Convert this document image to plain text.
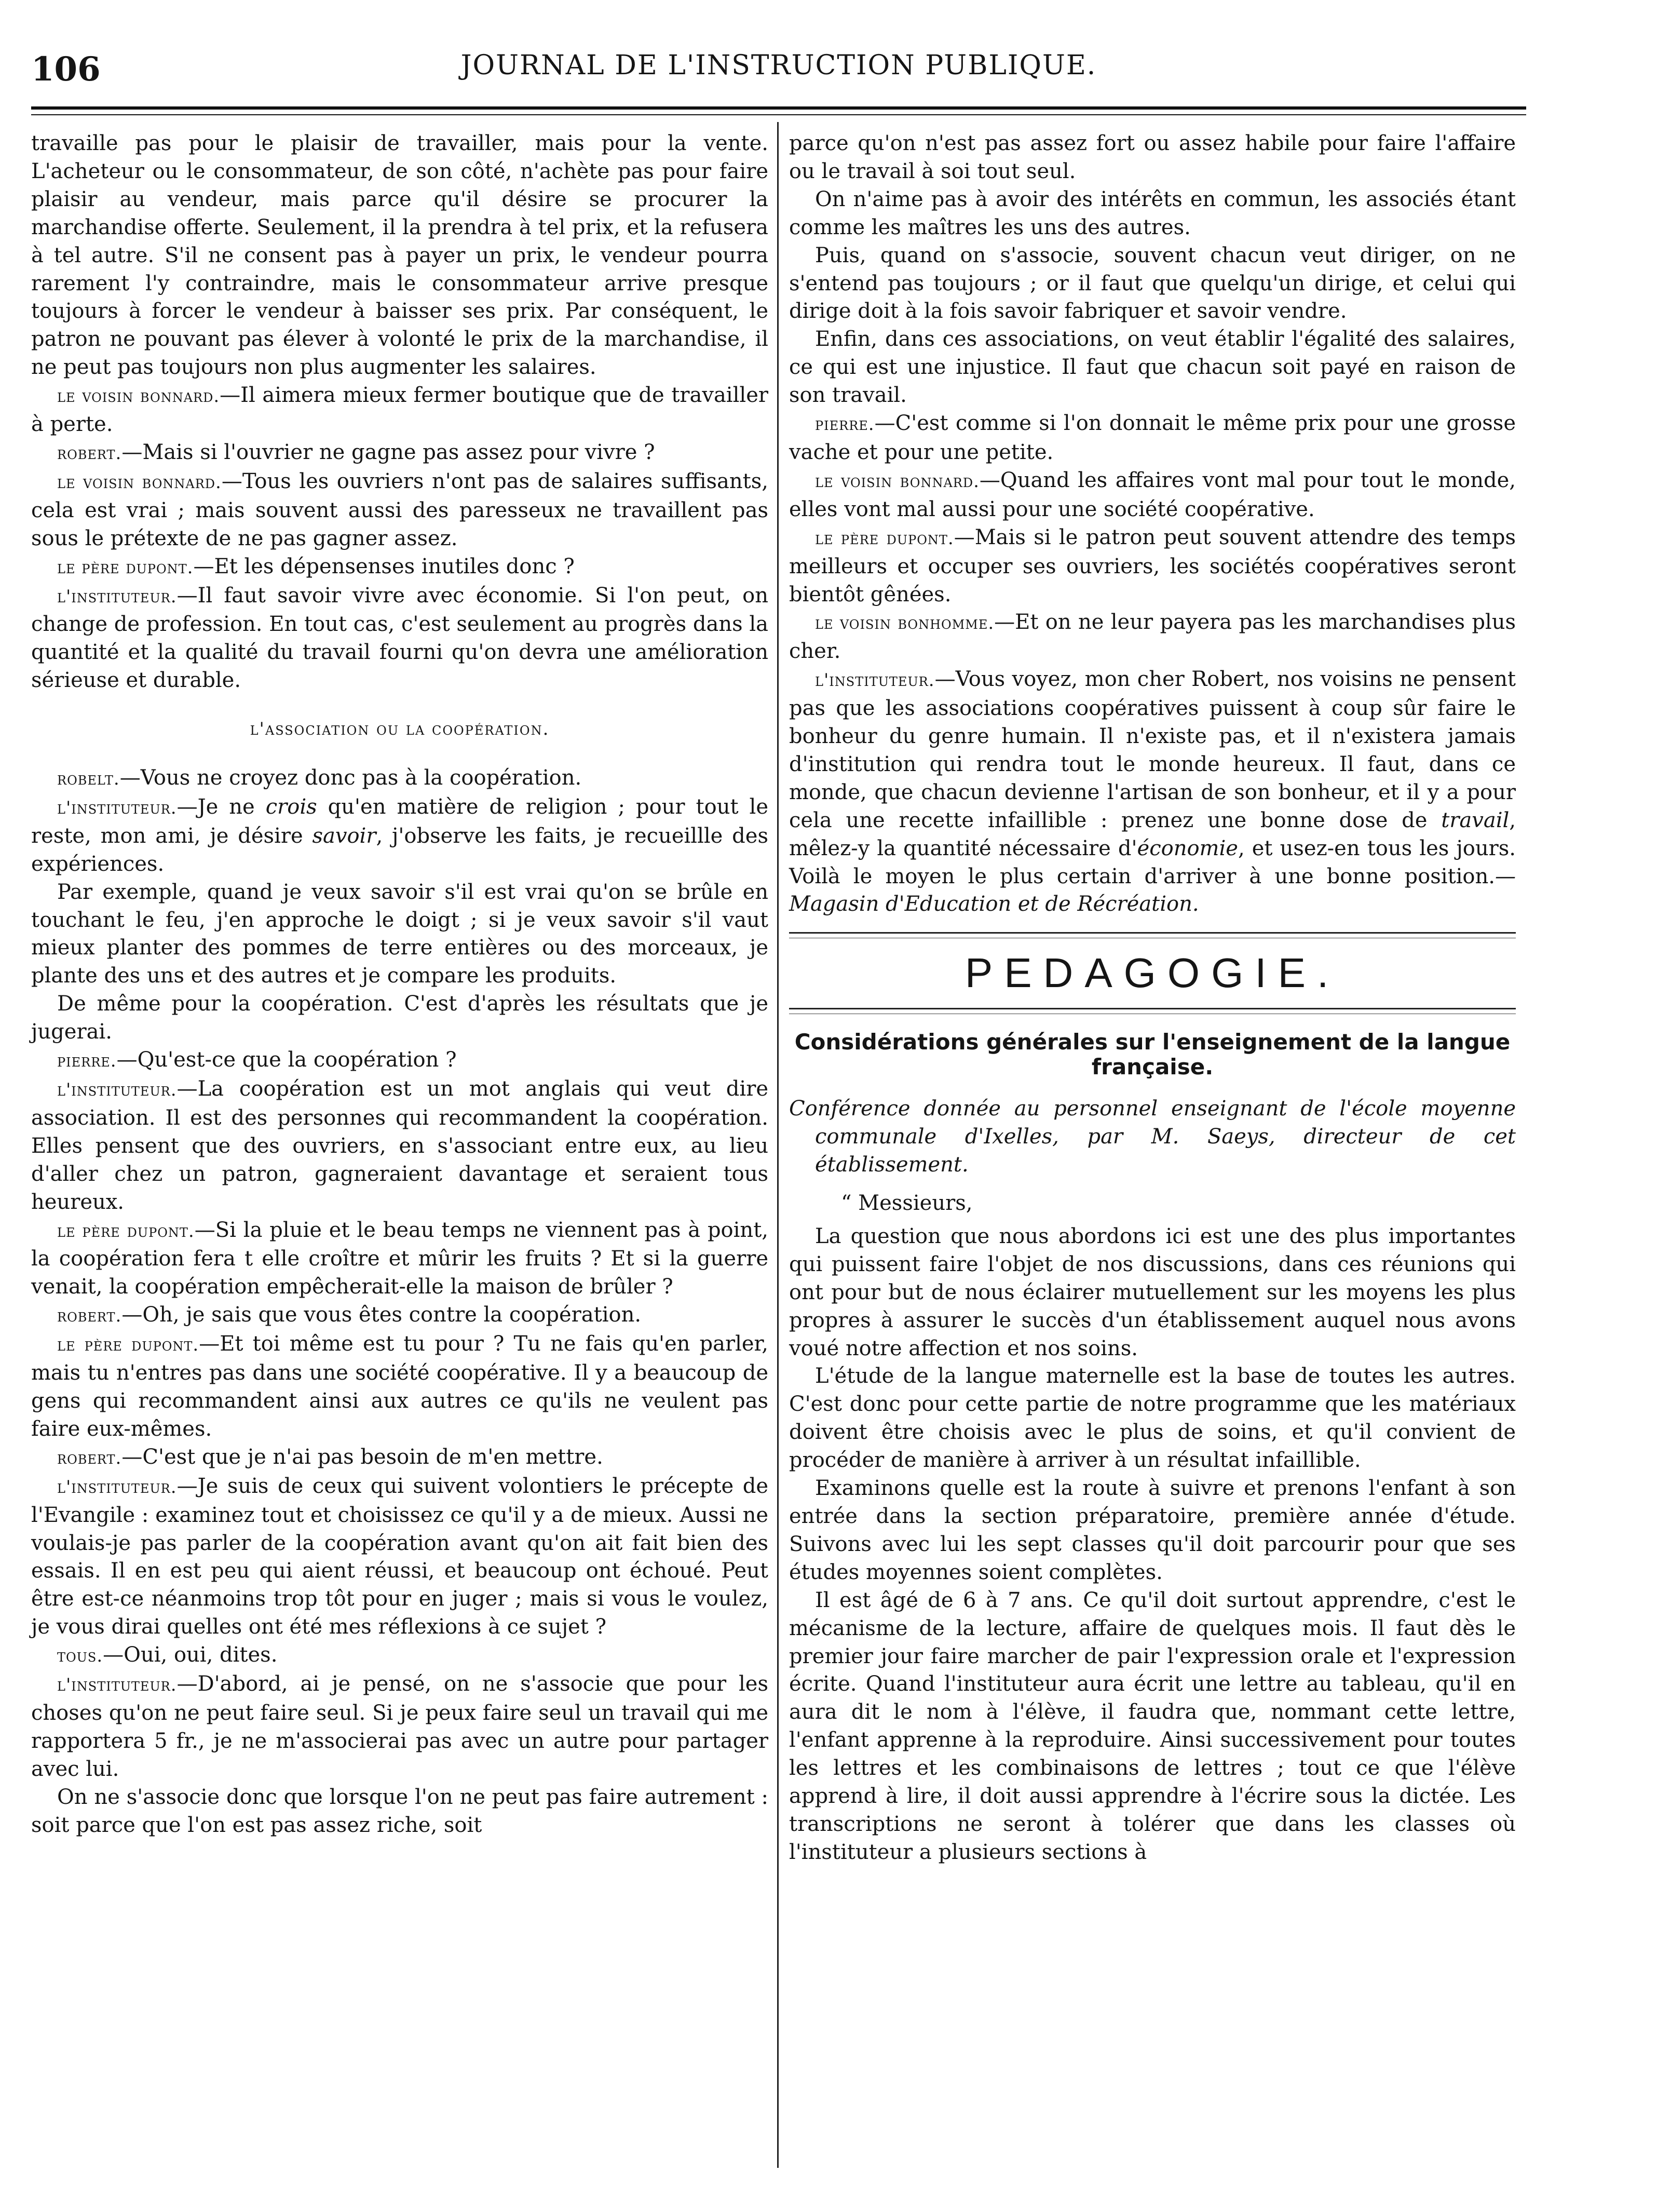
106	JOURNAL DE L'INSTRUCTION PUBLIQUE.

travaille pas pour le plaisir de travailler, mais pour la vente. L'acheteur ou le consommateur, de son côté, n'achète pas pour faire plaisir au vendeur, mais parce qu'il désire se procurer la marchandise offerte. Seulement, il la prendra à tel prix, et la refusera à tel autre. S'il ne consent pas à payer un prix, le vendeur pourra rarement l'y contraindre, mais le consommateur arrive presque toujours à forcer le vendeur à baisser ses prix. Par conséquent, le patron ne pouvant pas élever à volonté le prix de la marchandise, il ne peut pas toujours non plus augmenter les salaires.

le voisin bonnard.—Il aimera mieux fermer boutique que de travailler à perte.

robert.—Mais si l'ouvrier ne gagne pas assez pour vivre ?

le voisin bonnard.—Tous les ouvriers n'ont pas de salaires suffisants, cela est vrai ; mais souvent aussi des paresseux ne travaillent pas sous le prétexte de ne pas gagner assez.

le père dupont.—Et les dépensenses inutiles donc ?

l'instituteur.—Il faut savoir vivre avec économie. Si l'on peut, on change de profession. En tout cas, c'est seulement au progrès dans la quantité et la qualité du travail fourni qu'on devra une amélioration sérieuse et durable.

l'association ou la coopération.

robelt.—Vous ne croyez donc pas à la coopération.

l'instituteur.—Je ne crois qu'en matière de religion ; pour tout le reste, mon ami, je désire savoir, j'observe les faits, je recueillle des expériences.

Par exemple, quand je veux savoir s'il est vrai qu'on se brûle en touchant le feu, j'en approche le doigt ; si je veux savoir s'il vaut mieux planter des pommes de terre entières ou des morceaux, je plante des uns et des autres et je compare les produits.

De même pour la coopération. C'est d'après les résultats que je jugerai.

pierre.—Qu'est-ce que la coopération ?

l'instituteur.—La coopération est un mot anglais qui veut dire association. Il est des personnes qui recommandent la coopération. Elles pensent que des ouvriers, en s'associant entre eux, au lieu d'aller chez un patron, gagneraient davantage et seraient tous heureux.

le père dupont.—Si la pluie et le beau temps ne viennent pas à point, la coopération fera t elle croître et mûrir les fruits ? Et si la guerre venait, la coopération empêcherait-elle la maison de brûler ?

robert.—Oh, je sais que vous êtes contre la coopération.

le père dupont.—Et toi même est tu pour ? Tu ne fais qu'en parler, mais tu n'entres pas dans une société coopérative. Il y a beaucoup de gens qui recommandent ainsi aux autres ce qu'ils ne veulent pas faire eux-mêmes.

robert.—C'est que je n'ai pas besoin de m'en mettre.

l'instituteur.—Je suis de ceux qui suivent volontiers le précepte de l'Evangile : examinez tout et choisissez ce qu'il y a de mieux. Aussi ne voulais-je pas parler de la coopération avant qu'on ait fait bien des essais. Il en est peu qui aient réussi, et beaucoup ont échoué. Peut être est-ce néanmoins trop tôt pour en juger ; mais si vous le voulez, je vous dirai quelles ont été mes réflexions à ce sujet ?

tous.—Oui, oui, dites.

l'instituteur.—D'abord, ai je pensé, on ne s'associe que pour les choses qu'on ne peut faire seul. Si je peux faire seul un travail qui me rapportera 5 fr., je ne m'associerai pas avec un autre pour partager avec lui.

On ne s'associe donc que lorsque l'on ne peut pas faire autrement : soit parce que l'on est pas assez riche, soit

parce qu'on n'est pas assez fort ou assez habile pour faire l'affaire ou le travail à soi tout seul.

On n'aime pas à avoir des intérêts en commun, les associés étant comme les maîtres les uns des autres.

Puis, quand on s'associe, souvent chacun veut diriger, on ne s'entend pas toujours ; or il faut que quelqu'un dirige, et celui qui dirige doit à la fois savoir fabriquer et savoir vendre.

Enfin, dans ces associations, on veut établir l'égalité des salaires, ce qui est une injustice. Il faut que chacun soit payé en raison de son travail.

pierre.—C'est comme si l'on donnait le même prix pour une grosse vache et pour une petite.

le voisin bonnard.—Quand les affaires vont mal pour tout le monde, elles vont mal aussi pour une société coopérative.

le père dupont.—Mais si le patron peut souvent attendre des temps meilleurs et occuper ses ouvriers, les sociétés coopératives seront bientôt gênées.

le voisin bonhomme.—Et on ne leur payera pas les marchandises plus cher.

l'instituteur.—Vous voyez, mon cher Robert, nos voisins ne pensent pas que les associations coopératives puissent à coup sûr faire le bonheur du genre humain. Il n'existe pas, et il n'existera jamais d'institution qui rendra tout le monde heureux. Il faut, dans ce monde, que chacun devienne l'artisan de son bonheur, et il y a pour cela une recette infaillible : prenez une bonne dose de travail, mêlez-y la quantité nécessaire d'économie, et usez-en tous les jours. Voilà le moyen le plus certain d'arriver à une bonne position.—Magasin d'Education et de Récréation.

PEDAGOGIE.
Considérations générales sur l'enseignement de la langue française.

Conférence donnée au personnel enseignant de l'école moyenne communale d'Ixelles, par M. Saeys, directeur de cet établissement.

“ Messieurs,

La question que nous abordons ici est une des plus importantes qui puissent faire l'objet de nos discussions, dans ces réunions qui ont pour but de nous éclairer mutuellement sur les moyens les plus propres à assurer le succès d'un établissement auquel nous avons voué notre affection et nos soins.

L'étude de la langue maternelle est la base de toutes les autres. C'est donc pour cette partie de notre programme que les matériaux doivent être choisis avec le plus de soins, et qu'il convient de procéder de manière à arriver à un résultat infaillible.

Examinons quelle est la route à suivre et prenons l'enfant à son entrée dans la section préparatoire, première année d'étude. Suivons avec lui les sept classes qu'il doit parcourir pour que ses études moyennes soient complètes.

Il est âgé de 6 à 7 ans. Ce qu'il doit surtout apprendre, c'est le mécanisme de la lecture, affaire de quelques mois. Il faut dès le premier jour faire marcher de pair l'expression orale et l'expression écrite. Quand l'instituteur aura écrit une lettre au tableau, qu'il en aura dit le nom à l'élève, il faudra que, nommant cette lettre, l'enfant apprenne à la reproduire. Ainsi successivement pour toutes les lettres et les combinaisons de lettres ; tout ce que l'élève apprend à lire, il doit aussi apprendre à l'écrire sous la dictée. Les transcriptions ne seront à tolérer que dans les classes où l'instituteur a plusieurs sections à
